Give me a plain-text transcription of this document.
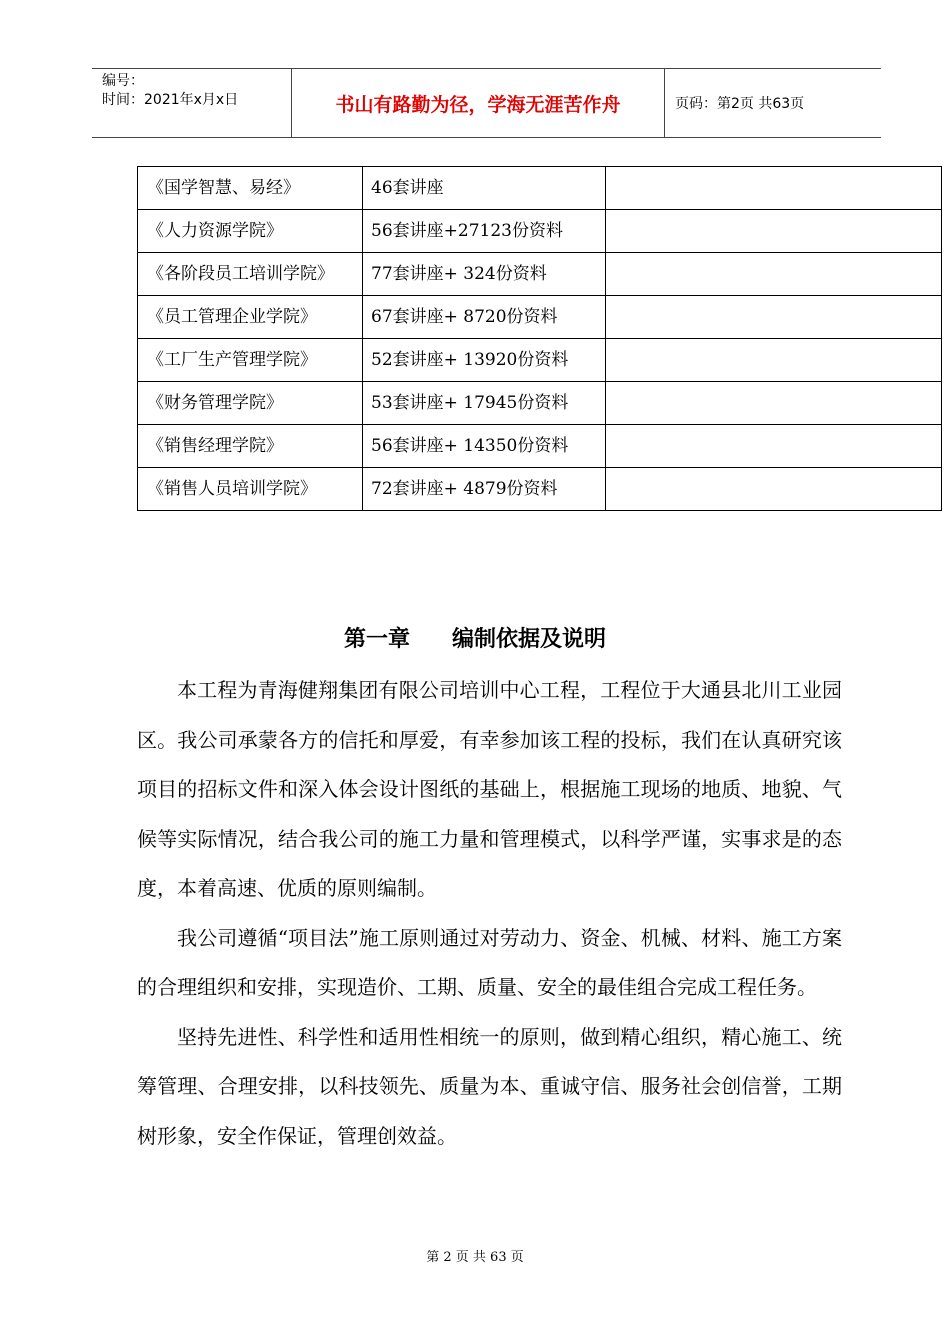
编号：
时间：2021年x月x日	书山有路勤为径，学海无涯苦作舟	页码：第2页 共63页
《国学智慧、易经》	46套讲座	

《人力资源学院》	56套讲座+27123份资料	

《各阶段员工培训学院》	77套讲座+ 324份资料	

《员工管理企业学院》	67套讲座+ 8720份资料	

《工厂生产管理学院》	52套讲座+ 13920份资料	

《财务管理学院》	53套讲座+ 17945份资料	

《销售经理学院》	56套讲座+ 14350份资料	

《销售人员培训学院》	72套讲座+ 4879份资料	

第一章 编制依据及说明

本工程为青海健翔集团有限公司培训中心工程，工程位于大通县北川工业园区。我公司承蒙各方的信托和厚爱，有幸参加该工程的投标，我们在认真研究该项目的招标文件和深入体会设计图纸的基础上，根据施工现场的地质、地貌、气候等实际情况，结合我公司的施工力量和管理模式，以科学严谨，实事求是的态度，本着高速、优质的原则编制。

我公司遵循“项目法”施工原则通过对劳动力、资金、机械、材料、施工方案的合理组织和安排，实现造价、工期、质量、安全的最佳组合完成工程任务。

坚持先进性、科学性和适用性相统一的原则，做到精心组织，精心施工、统筹管理、合理安排，以科技领先、质量为本、重诚守信、服务社会创信誉，工期树形象，安全作保证，管理创效益。

第 2 页 共 63 页
